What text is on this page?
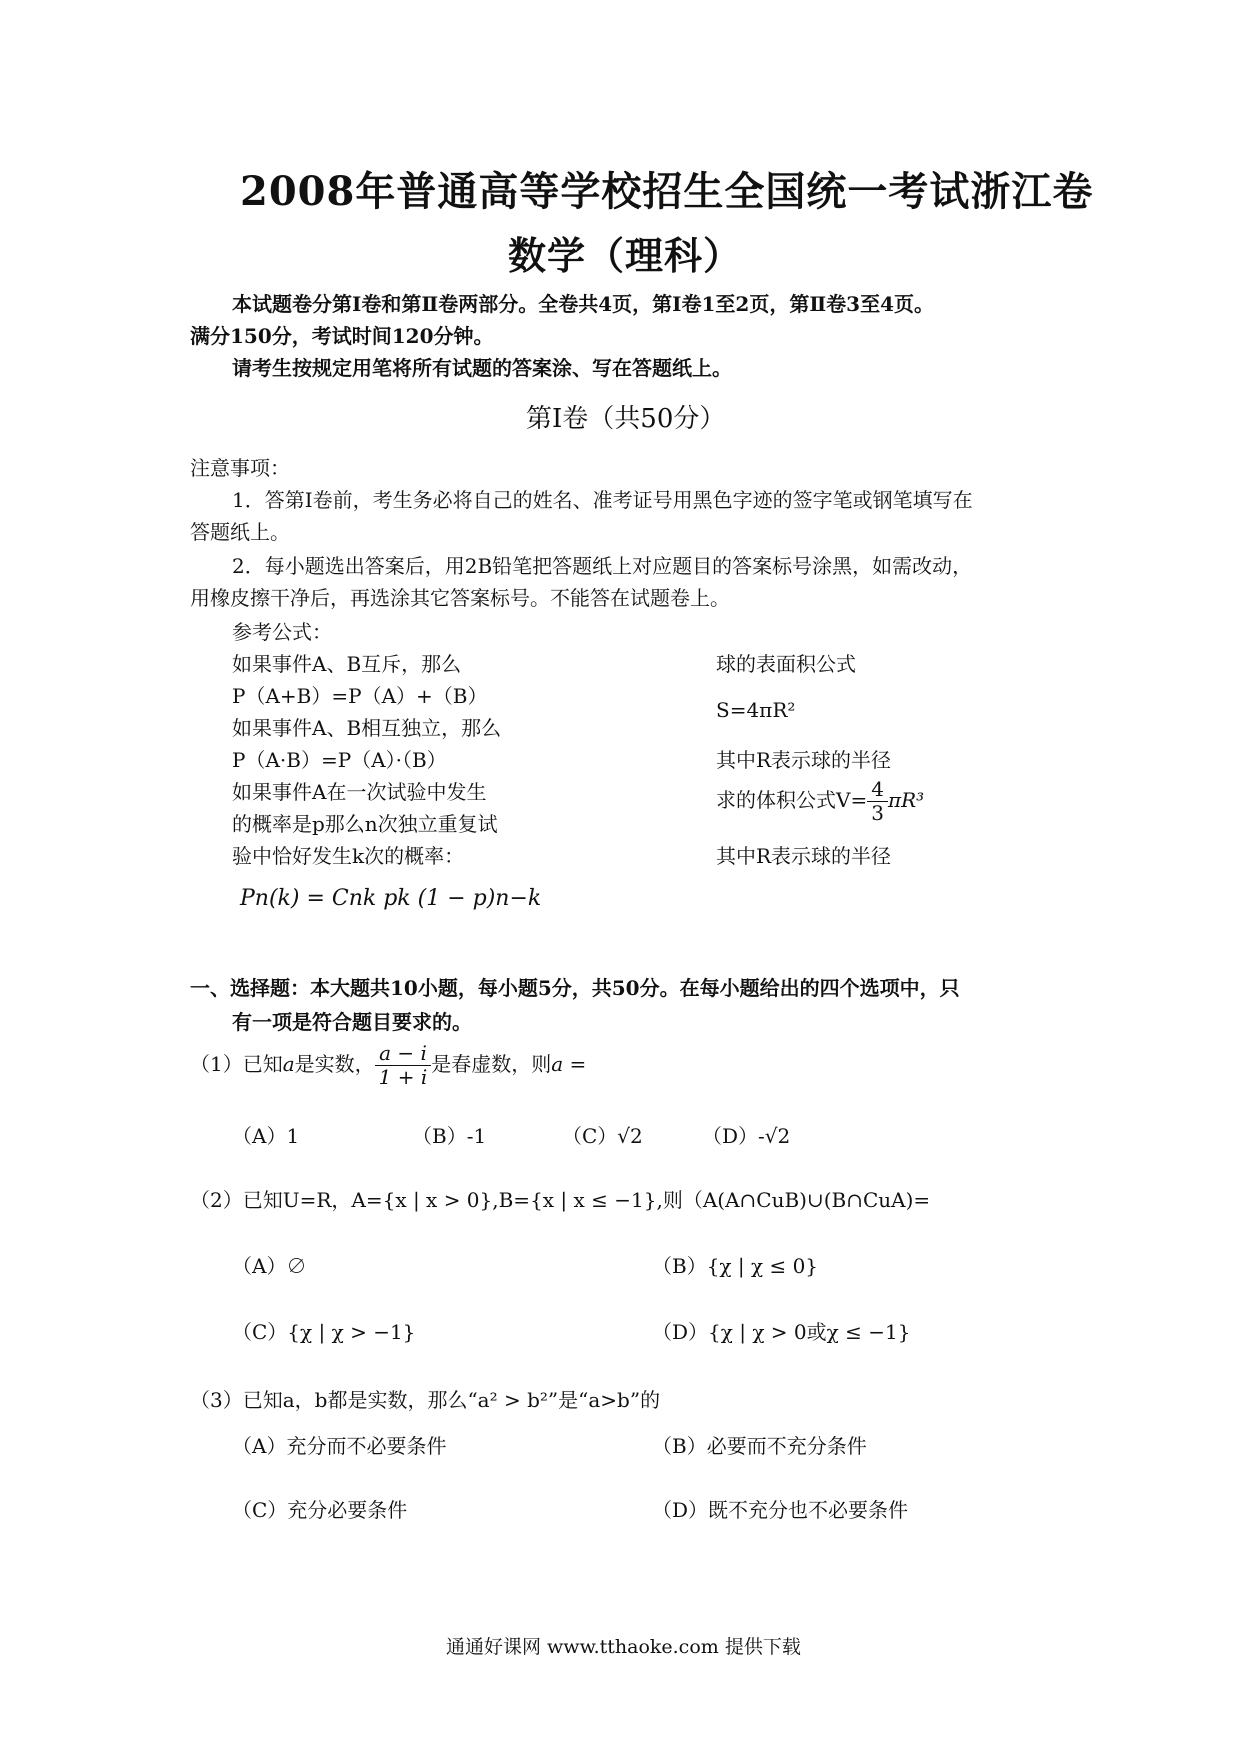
2008年普通高等学校招生全国统一考试浙江卷
数学（理科）
本试题卷分第Ⅰ卷和第Ⅱ卷两部分。全卷共4页，第Ⅰ卷1至2页，第Ⅱ卷3至4页。
满分150分，考试时间120分钟。
请考生按规定用笔将所有试题的答案涂、写在答题纸上。
第Ⅰ卷（共50分）
注意事项：
1．答第Ⅰ卷前，考生务必将自己的姓名、准考证号用黑色字迹的签字笔或钢笔填写在
答题纸上。
2．每小题选出答案后，用2B铅笔把答题纸上对应题目的答案标号涂黑，如需改动，
用橡皮擦干净后，再选涂其它答案标号。不能答在试题卷上。
参考公式：
如果事件A、B互斥，那么
P（A+B）=P（A）+（B）
如果事件A、B相互独立，那么
P（A·B）=P（A）·（B）
如果事件A在一次试验中发生
的概率是p那么n次独立重复试
验中恰好发生k次的概率：
Pn(k) = Cnk pk (1 − p)n−k
球的表面积公式
S=4πR²
其中R表示球的半径
求的体积公式$V= \frac{4}{3} \pi R^3$
其中R表示球的半径
一、选择题：本大题共10小题，每小题5分，共50分。在每小题给出的四个选项中，只
有一项是符合题目要求的。
（1）已知a是实数， $\frac{a - i}{1 + i}$ 是春虚数，则a =
（A）1	（B）-1	（C）√2	（D）-√2
（2）已知U=R，A={x | x > 0},B={x | x ≤ −1},则（A(A∩CuB)∪(B∩CuA)=
（A）∅	（B）{χ | χ ≤ 0}
（C）{χ | χ > −1}	（D）{χ | χ > 0或χ ≤ −1}
（3）已知a，b都是实数，那么“a² > b²”是“a>b”的
（A）充分而不必要条件	（B）必要而不充分条件
（C）充分必要条件	（D）既不充分也不必要条件
通通好课网 www.tthaoke.com 提供下载
